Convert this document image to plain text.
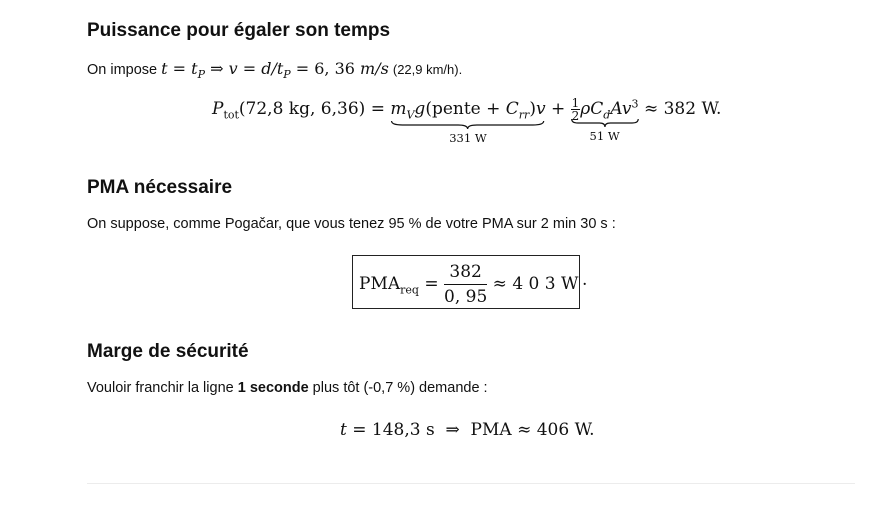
Puissance pour égaler son temps

On impose $t = t_P$ ⇒ $v = d/t_P = 6$, 36 m/s (22,9 km/h).

$P_{tot}(72,8$ kg, $6,36) = m_Vg(pente + C_{rr})v$
331 W
+ $\frac{1}{2} \rho C_dAv^3$
51 W
≈ 382 W.
PMA nécessaire

On suppose, comme Pogačar, que vous tenez 95 % de votre PMA sur 2 min 30 s :

$PMA_{req} = \frac{382}{0, 95} \approx 4$ 0 3 W .
Marge de sécurité

Vouloir franchir la ligne 1 seconde plus tôt (-0,7 %) demande :

t = 148,3 s  ⇒  PMA ≈ 406 W.
